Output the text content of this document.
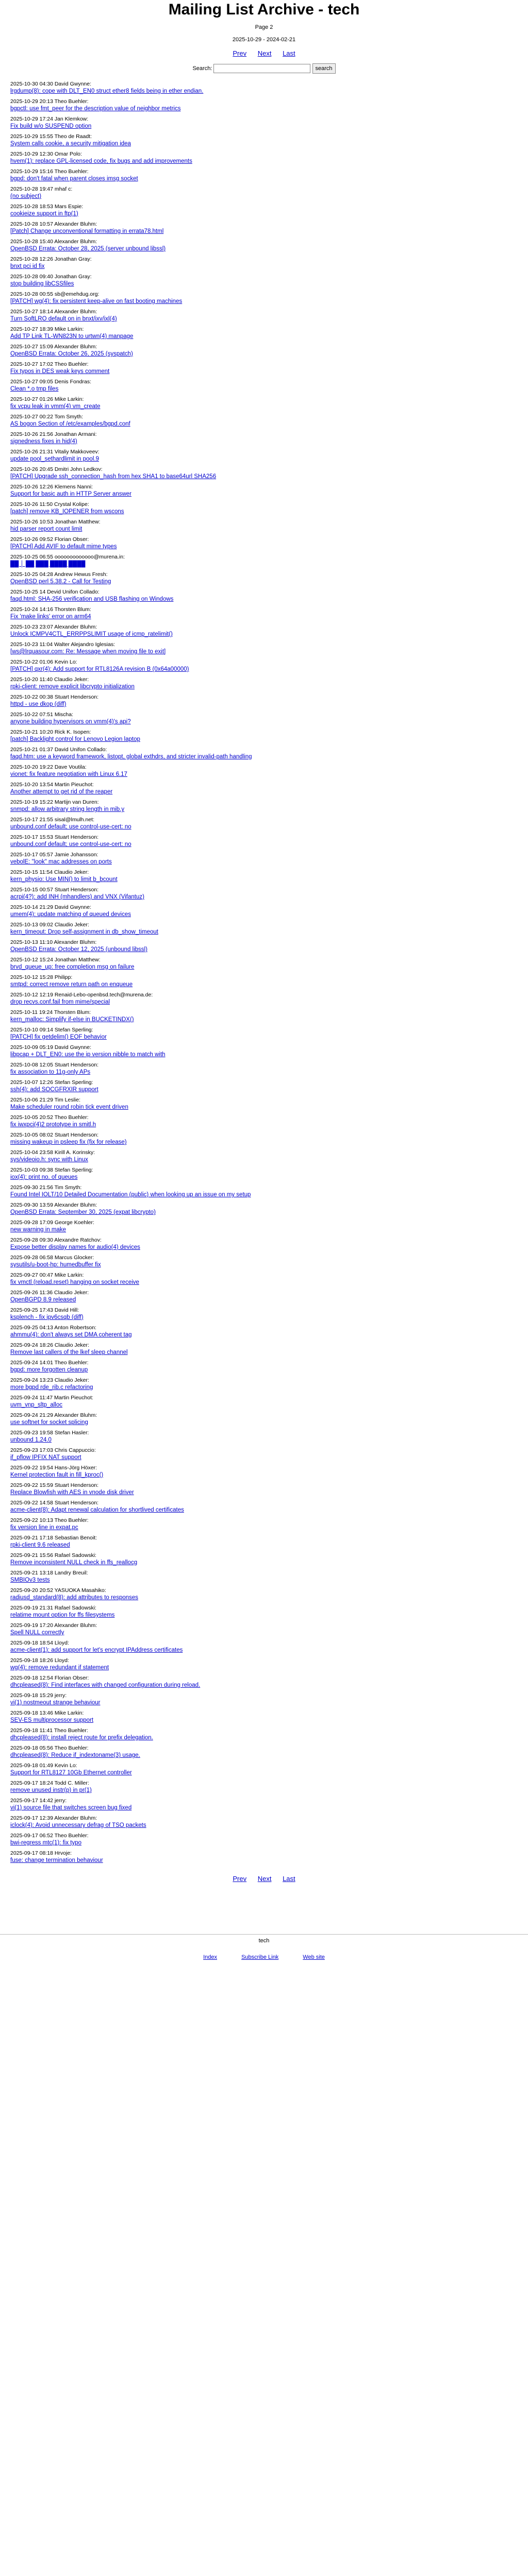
Mailing List Archive - tech
Page 2
2025-10-29 - 2024-02-21
Prev Next Last
Search:	search
2025-10-30 04:30 David Gwynne:
lrgdump(8): cope with DLT_EN0 struct ether8 fields being in ether endian.
2025-10-29 20:13 Theo Buehler:
bgpctl: use fmt_peer for the description value of neighbor metrics
2025-10-29 17:24 Jan Klemkow:
Fix build w/o SUSPEND option
2025-10-29 15:55 Theo de Raadt:
System calls cookie, a security mitigation idea
2025-10-29 12:30 Omar Polo:
hvem(1): replace GPL-licensed code, fix bugs and add improvements
2025-10-29 15:16 Theo Buehler:
bgpd: don't fatal when parent closes imsg socket
2025-10-28 19:47 mhaf c:
(no subject)
2025-10-28 18:53 Mars Espie:
cookieize support in ftp(1)
2025-10-28 10:57 Alexander Bluhm:
[Patch] Change unconventional formatting in errata78.html
2025-10-28 15:40 Alexander Bluhm:
OpenBSD Errata: October 28, 2025 (server unbound libssl)
2025-10-28 12:26 Jonathan Gray:
bnxt pci id fix
2025-10-28 09:40 Jonathan Gray:
stop building libCSSfiles
2025-10-28 00:55 sb@emehdug.org:
[PATCH] wg(4): fix persistent keep-alive on fast booting machines
2025-10-27 18:14 Alexander Bluhm:
Turn SoftLRO default on in bnxt/ixv/ixl(4)
2025-10-27 18:39 Mike Larkin:
Add TP Link TL-WN823N to urtwn(4) manpage
2025-10-27 15:09 Alexander Bluhm:
OpenBSD Errata: October 26, 2025 (syspatch)
2025-10-27 17:02 Theo Buehler:
Fix typos in DES weak keys comment
2025-10-27 09:05 Denis Fondras:
Clean *.o tmp files
2025-10-27 01:26 Mike Larkin:
fix vcpu leak in vmm(4) vm_create
2025-10-27 00:22 Tom Smyth:
AS bogon Section of /etc/examples/bgpd.conf
2025-10-26 21:56 Jonathan Armani:
signedness fixes in hid(4)
2025-10-26 21:31 Vitaliy Makkoveev:
update pool_sethardlimit in pool.9
2025-10-26 20:45 Dmitri John Ledkov:
[PATCH] Upgrade ssh_connection_hash from hex SHA1 to base64url SHA256
2025-10-26 12:26 Klemens Nanni:
Support for basic auth in HTTP Server answer
2025-10-26 11:50 Crystal Kolipe:
[patch] remove KB_IOPENER from wscons
2025-10-26 10:53 Jonathan Matthew:
hid parser report count limit
2025-10-26 09:52 Florian Obser:
[PATCH] Add AVIF to default mime types
2025-10-25 06:55 ooooooooooooo@murena.in:
██ │ ██ ███ ████ ████
2025-10-25 04:28 Andrew Hewus Fresh:
OpenBSD perl 5.38.2 - Call for Testing
2025-10-25 14 Devid Unifon Collado:
faqd.html: SHA-256 verification and USB flashing on Windows
2025-10-24 14:16 Thorsten Blum:
Fix 'make links' error on arm64
2025-10-23 23:07 Alexander Bluhm:
Unlock ICMPV4CTL_ERRPPSLIMIT usage of icmp_ratelimit()
2025-10-23 11:04 Walter Alejandro Iglesias:
[ws@lrquasour.com: Re: Message when moving file to exit]
2025-10-22 01:06 Kevin Lo:
[PATCH] qxr(4): Add support for RTL8126A revision B (0x64a00000)
2025-10-20 11:40 Claudio Jeker:
rpki-client: remove explicit libcrypto initialization
2025-10-22 00:38 Stuart Henderson:
httpd - use dkop (diff)
2025-10-22 07:51 Mischa:
anyone building hypervisors on vmm(4)'s api?
2025-10-21 10:20 Rick K. Isopen:
[patch] Backlight control for Lenovo Legion laptop
2025-10-21 01:37 David Unifon Collado:
faqd.htm: use a keyword framework, listopt, global exthdrs, and stricter invalid-path handling
2025-10-20 19:22 Dave Voutila:
vionet: fix feature negotiation with Linux 6.17
2025-10-20 13:54 Martin Pieuchot:
Another attempt to get rid of the reaper
2025-10-19 15:22 Martijn van Duren:
snmpd: allow arbitrary string length in mib.y
2025-10-17 21:55 sisal@lmulh.net:
unbound.conf default; use control-use-cert: no
2025-10-17 15:53 Stuart Henderson:
unbound.conf default; use control-use-cert: no
2025-10-17 05:57 Jamie Johansson:
vebolE: "look" mac addresses on ports
2025-10-15 11:54 Claudio Jeker:
kern_physio: Use MIN() to limit b_bcount
2025-10-15 00:57 Stuart Henderson:
acrpi(4?): add INH (mhandlers) and VNX (Vifantuz)
2025-10-14 21:29 David Gwynne:
umem(4): update matching of queued devices
2025-10-13 09:02 Claudio Jeker:
kern_timeout: Drop self-assignment in db_show_timeout
2025-10-13 11:10 Alexander Bluhm:
OpenBSD Errata: October 12, 2025 (unbound libssl)
2025-10-12 15:24 Jonathan Matthew:
brvd_queue_up: free completion msg on failure
2025-10-12 15:28 Philipp:
smtpd: correct remove return path on enqueue
2025-10-12 12:19 Renaid-Lebo-openbsd.tech@murena.de:
drop recvs.conf.fail from mime/special
2025-10-11 19:24 Thorsten Blum:
kern_malloc: Simplify if-else in BUCKETINDX()
2025-10-10 09:14 Stefan Sperling:
[PATCH] fix getdelim() EOF behavior
2025-10-09 05:19 David Gwynne:
libpcap + DLT_EN0: use the ip version nibble to match with
2025-10-08 12:05 Stuart Henderson:
fix association to 11g-only APs
2025-10-07 12:26 Stefan Sperling:
ssh(4): add SOCGFRXIR support
2025-10-06 21:29 Tim Leslie:
Make scheduler round robin tick event driven
2025-10-05 20:52 Theo Buehler:
fix iwxpci(4)2 prototype in smitl.h
2025-10-05 08:02 Stuart Henderson:
missing wakeup in psleep fix (fix for release)
2025-10-04 23:58 Kirill A. Korinsky:
sys/videoio.h: sync with Linux
2025-10-03 09:38 Stefan Sperling:
iox(4): print no. of queues
2025-09-30 21:56 Tim Smyth:
Found Intel IOLT/10 Detailed Documentation (public) when looking up an issue on my setup
2025-09-30 13:59 Alexander Bluhm:
OpenBSD Errata: September 30, 2025 (expat libcrypto)
2025-09-28 17:09 George Koehler:
new warning in make
2025-09-28 09:30 Alexandre Ratchov:
Expose better display names for audio(4) devices
2025-09-28 06:58 Marcus Glocker:
sysutils/u-boot-hp: humedbuffer fix
2025-09-27 00:47 Mike Larkin:
fix vmctl (reload.reset) hanging on socket receive
2025-09-26 11:36 Claudio Jeker:
OpenBGPD 8.9 released
2025-09-25 17:43 David Hill:
ksplench - fix ipv6csqb (diff)
2025-09-25 04:13 Anton Robertson:
ahmmu(4): don't always set DMA coherent tag
2025-09-24 18:26 Claudio Jeker:
Remove last callers of the lkef sleep channel
2025-09-24 14:01 Theo Buehler:
bgpd: more forgotten cleanup
2025-09-24 13:23 Claudio Jeker:
more bgpd rde_rib.c refactoring
2025-09-24 11:47 Martin Pieuchot:
uvm_vnp_sltp_alloc
2025-09-24 21:29 Alexander Bluhm:
use softnet for socket splicing
2025-09-23 19:58 Stefan Hasler:
unbound 1.24.0
2025-09-23 17:03 Chris Cappuccio:
if_pflow IPFIX NAT support
2025-09-22 19:54 Hans-Jörg Höxer:
Kernel protection fault in fill_kproc()
2025-09-22 15:59 Stuart Henderson:
Replace Blowfish with AES in vnode disk driver
2025-09-22 14:58 Stuart Henderson:
acme-client(8): Adapt renewal calculation for shortlived certificates
2025-09-22 10:13 Theo Buehler:
fix version line in expat.pc
2025-09-21 17:18 Sebastian Benoit:
rpki-client 9.6 released
2025-09-21 15:56 Rafael Sadowski:
Remove inconsistent NULL check in ffs_reallocg
2025-09-21 13:18 Landry Breuil:
SMBIOv3 tests
2025-09-20 20:52 YASUOKA Masahiko:
radiusd_standard(8): add attributes to responses
2025-09-19 21:31 Rafael Sadowski:
relatime mount option for ffs filesystems
2025-09-19 17:20 Alexander Bluhm:
Spell NULL correctly
2025-09-18 18:54 Lloyd:
acme-client(1): add support for let's encrypt IPAddress certificates
2025-09-18 18:26 Lloyd:
wg(4): remove redundant if statement
2025-09-18 12:54 Florian Obser:
dhcpleased(8): Find interfaces with changed configuration during reload.
2025-09-18 15:29 jerry:
vi(1) nostmeout strange behaviour
2025-09-18 13:46 Mike Larkin:
SEV-ES multiprocessor support
2025-09-18 11:41 Theo Buehler:
dhcpleased(8): install reject route for prefix delegation.
2025-09-18 05:56 Theo Buehler:
dhcpleased(8): Reduce if_indextoname(3) usage.
2025-09-18 01:49 Kevin Lo:
Support for RTL8127 10Gb Ethernet controller
2025-09-17 18:24 Todd C. Miller:
remove unused instr(p) in pr(1)
2025-09-17 14:42 jerry:
vi(1) source file that switches screen bug fixed
2025-09-17 12:39 Alexander Bluhm:
iclock(4): Avoid unnecessary defrag of TSO packets
2025-09-17 06:52 Theo Buehler:
bwi-regress mtc(1): fix typo
2025-09-17 08:18 Hrvoje:
fuse: change termination behaviour
Prev Next Last
tech
Index	Subscribe Link	Web site
